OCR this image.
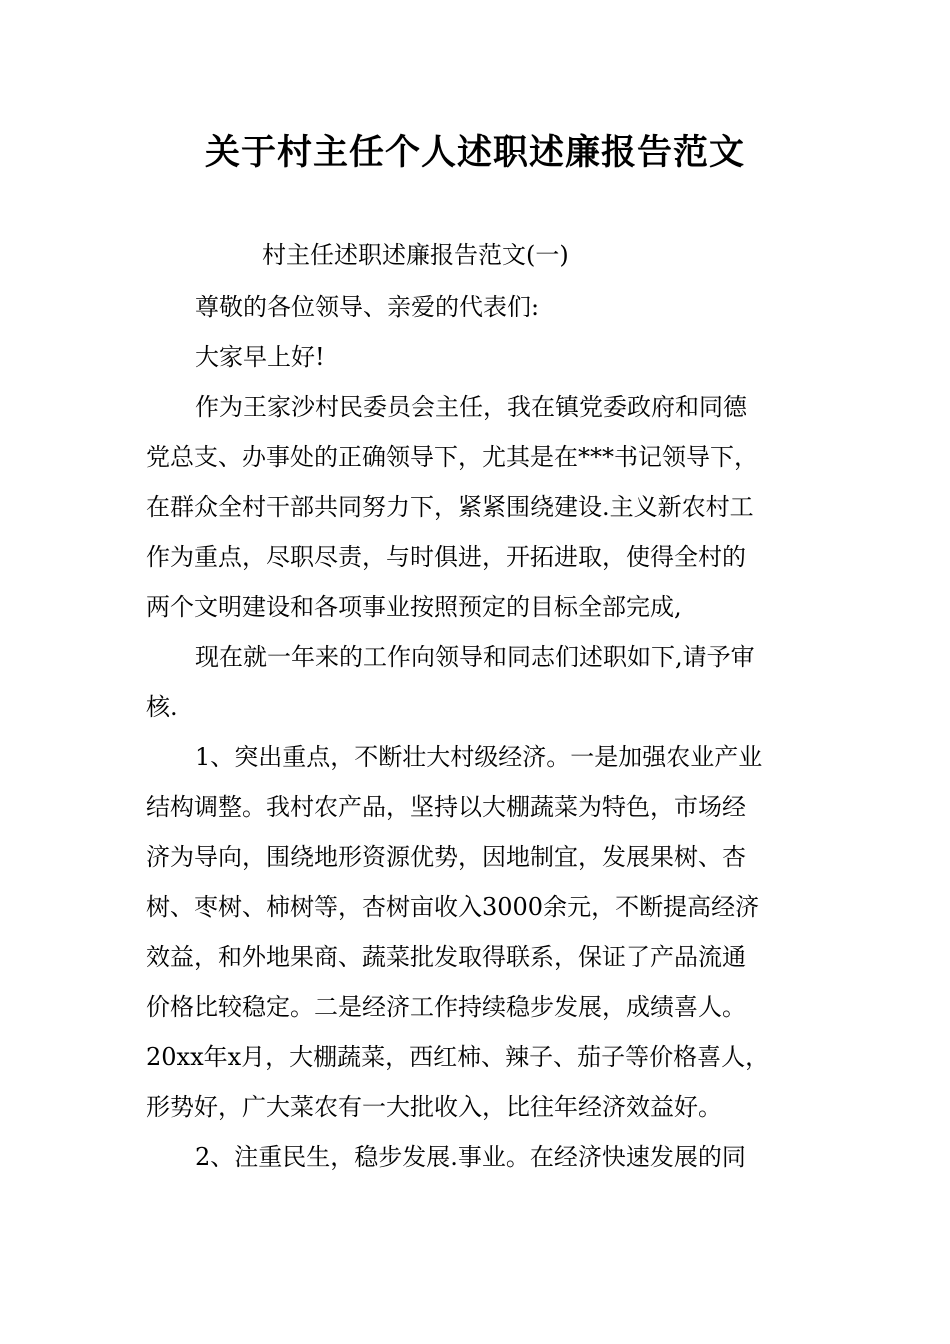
关于村主任个人述职述廉报告范文
村主任述职述廉报告范文(一)
尊敬的各位领导、亲爱的代表们:
大家早上好!
作为王家沙村民委员会主任，我在镇党委政府和同德
党总支、办事处的正确领导下，尤其是在***书记领导下，
在群众全村干部共同努力下，紧紧围绕建设.主义新农村工
作为重点，尽职尽责，与时俱进，开拓进取，使得全村的
两个文明建设和各项事业按照预定的目标全部完成,
现在就一年来的工作向领导和同志们述职如下,请予审
核.
1、突出重点，不断壮大村级经济。一是加强农业产业
结构调整。我村农产品，坚持以大棚蔬菜为特色，市场经
济为导向，围绕地形资源优势，因地制宜，发展果树、杏
树、枣树、柿树等，杏树亩收入3000余元，不断提高经济
效益，和外地果商、蔬菜批发取得联系，保证了产品流通
价格比较稳定。二是经济工作持续稳步发展，成绩喜人。
20xx年x月，大棚蔬菜，西红柿、辣子、茄子等价格喜人，
形势好，广大菜农有一大批收入，比往年经济效益好。
2、注重民生，稳步发展.事业。在经济快速发展的同
